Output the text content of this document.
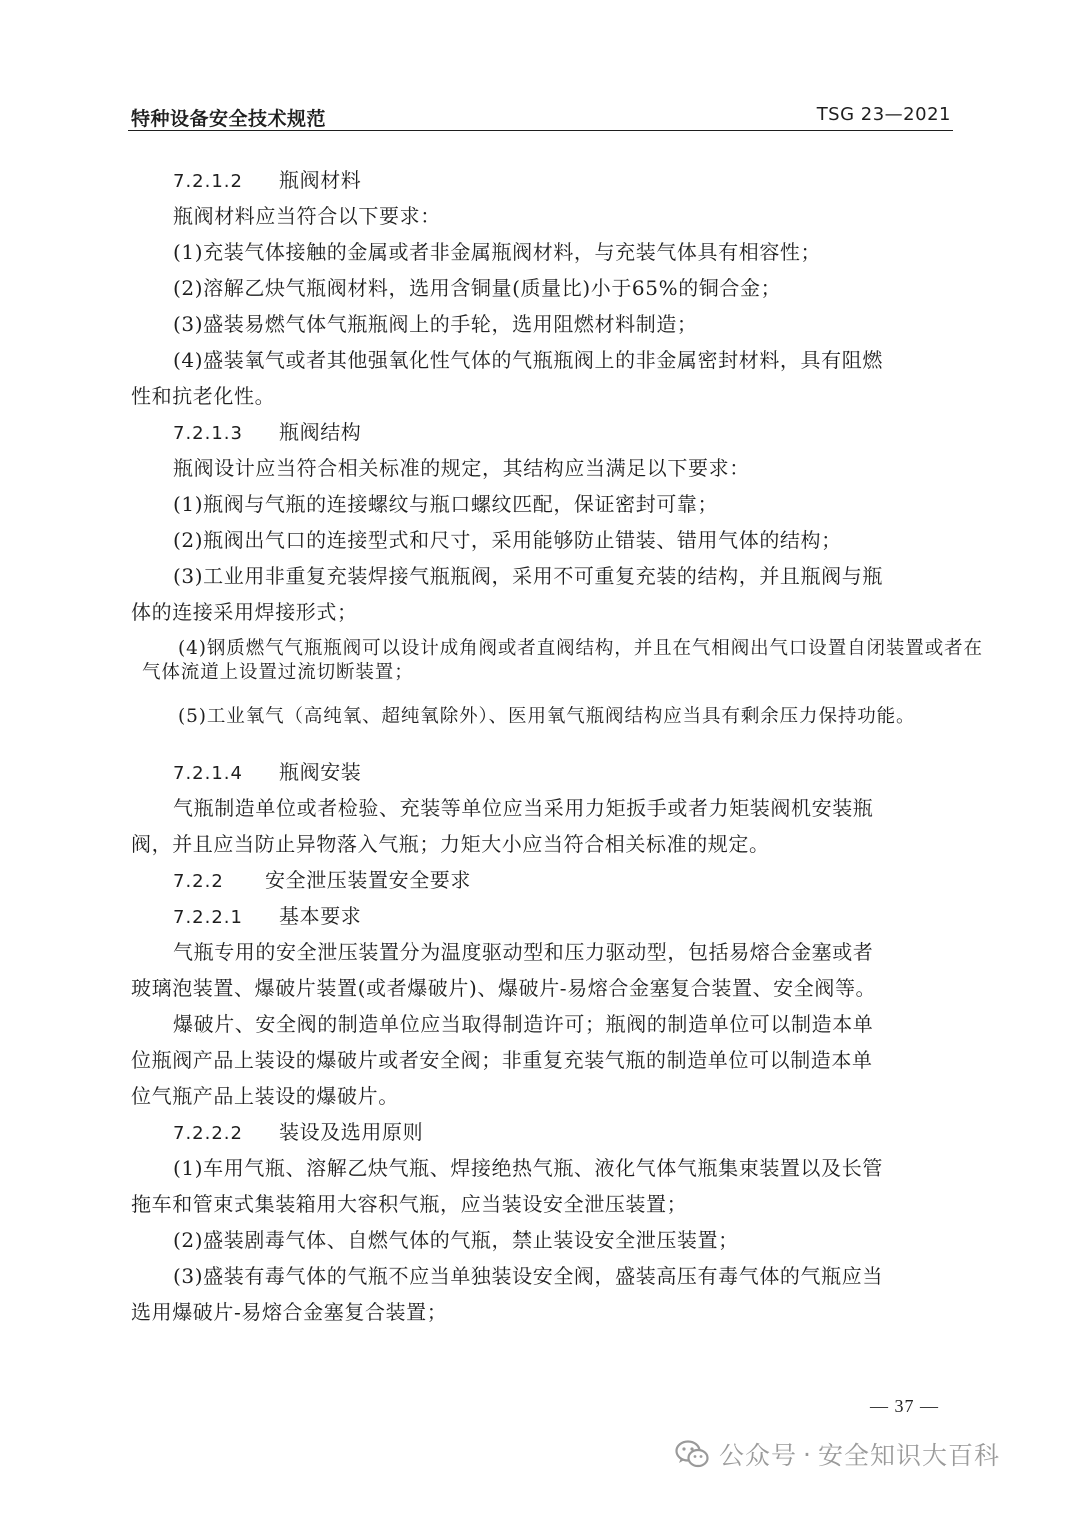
特种设备安全技术规范	TSG 23—2021
7.2.1.2 瓶阀材料
瓶阀材料应当符合以下要求：
(1)充装气体接触的金属或者非金属瓶阀材料，与充装气体具有相容性；
(2)溶解乙炔气瓶阀材料，选用含铜量(质量比)小于65%的铜合金；
(3)盛装易燃气体气瓶瓶阀上的手轮，选用阻燃材料制造；
(4)盛装氧气或者其他强氧化性气体的气瓶瓶阀上的非金属密封材料，具有阻燃
性和抗老化性。
7.2.1.3 瓶阀结构
瓶阀设计应当符合相关标准的规定，其结构应当满足以下要求：
(1)瓶阀与气瓶的连接螺纹与瓶口螺纹匹配，保证密封可靠；
(2)瓶阀出气口的连接型式和尺寸，采用能够防止错装、错用气体的结构；
(3)工业用非重复充装焊接气瓶瓶阀，采用不可重复充装的结构，并且瓶阀与瓶
体的连接采用焊接形式；
(4)钢质燃气气瓶瓶阀可以设计成角阀或者直阀结构，并且在气相阀出气口设置自闭装置或者在
气体流道上设置过流切断装置；
(5)工业氧气（高纯氧、超纯氧除外）、医用氧气瓶阀结构应当具有剩余压力保持功能。
7.2.1.4 瓶阀安装
气瓶制造单位或者检验、充装等单位应当采用力矩扳手或者力矩装阀机安装瓶
阀，并且应当防止异物落入气瓶；力矩大小应当符合相关标准的规定。
7.2.2 安全泄压装置安全要求
7.2.2.1 基本要求
气瓶专用的安全泄压装置分为温度驱动型和压力驱动型，包括易熔合金塞或者
玻璃泡装置、爆破片装置(或者爆破片)、爆破片-易熔合金塞复合装置、安全阀等。
爆破片、安全阀的制造单位应当取得制造许可；瓶阀的制造单位可以制造本单
位瓶阀产品上装设的爆破片或者安全阀；非重复充装气瓶的制造单位可以制造本单
位气瓶产品上装设的爆破片。
7.2.2.2 装设及选用原则
(1)车用气瓶、溶解乙炔气瓶、焊接绝热气瓶、液化气体气瓶集束装置以及长管
拖车和管束式集装箱用大容积气瓶，应当装设安全泄压装置；
(2)盛装剧毒气体、自燃气体的气瓶，禁止装设安全泄压装置；
(3)盛装有毒气体的气瓶不应当单独装设安全阀，盛装高压有毒气体的气瓶应当
选用爆破片-易熔合金塞复合装置；
— 37 —
公众号 · 安全知识大百科
